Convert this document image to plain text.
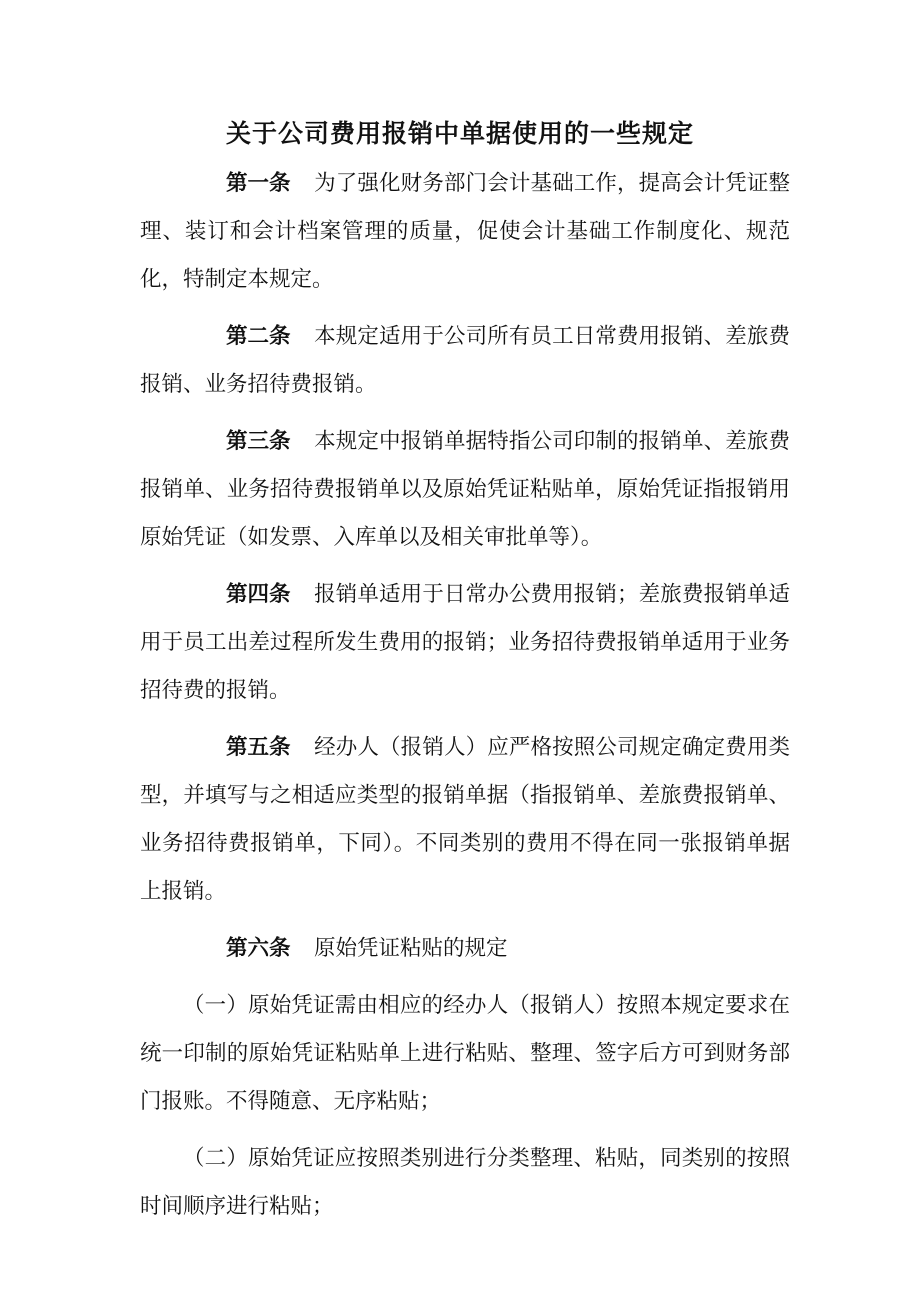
关于公司费用报销中单据使用的一些规定

第一条 为了强化财务部门会计基础工作，提高会计凭证整理、装订和会计档案管理的质量，促使会计基础工作制度化、规范化，特制定本规定。

第二条 本规定适用于公司所有员工日常费用报销、差旅费报销、业务招待费报销。

第三条 本规定中报销单据特指公司印制的报销单、差旅费报销单、业务招待费报销单以及原始凭证粘贴单，原始凭证指报销用原始凭证（如发票、入库单以及相关审批单等）。

第四条 报销单适用于日常办公费用报销；差旅费报销单适用于员工出差过程所发生费用的报销；业务招待费报销单适用于业务招待费的报销。

第五条 经办人（报销人）应严格按照公司规定确定费用类型，并填写与之相适应类型的报销单据（指报销单、差旅费报销单、业务招待费报销单，下同）。不同类别的费用不得在同一张报销单据上报销。

第六条 原始凭证粘贴的规定

（一）原始凭证需由相应的经办人（报销人）按照本规定要求在统一印制的原始凭证粘贴单上进行粘贴、整理、签字后方可到财务部门报账。不得随意、无序粘贴；

（二）原始凭证应按照类别进行分类整理、粘贴，同类别的按照时间顺序进行粘贴；
